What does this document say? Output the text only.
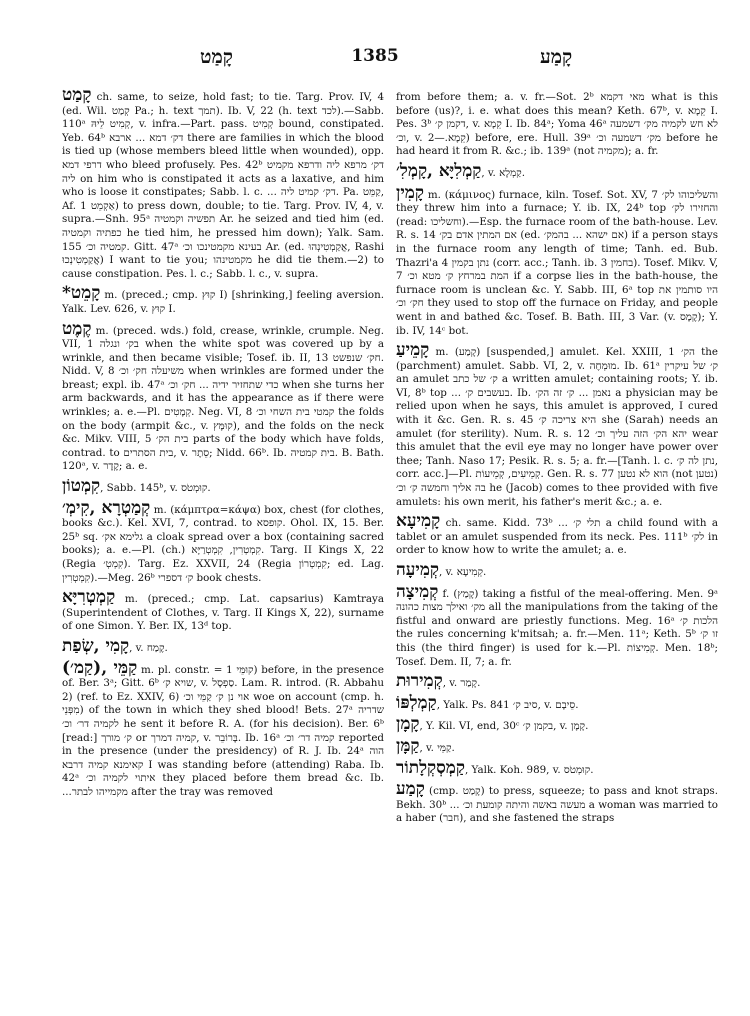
קָמַט	1385	קָמַע

קָמַט ch. same, to seize, hold fast; to tie. Targ. Prov. IV, 4 (ed. Wil. קְמַט Pa.; h. text תמך). Ib. V, 22 (h. text לכד).—Sabb. 110ᵃ קְמִיט לֵיהּ, v. infra.—Part. pass. קְמִיט bound, constipated. Yeb. 64ᵇ דק׳ דמא ... ארבא there are families in which the blood is tied up (whose members bleed little when wounded), opp. דרפי דמא who bleed profusely. Pes. 42ᵇ דק׳ מרפא ליה ודרפא מקמיט ליה on him who is constipated it acts as a laxative, and him who is loose it constipates; Sabb. l. c. ... דק׳ קמיט ליה. Pa. קַמֵּט, Af. אַקְמֵט 1) to press down, double; to tie. Targ. Prov. IV, 4, v. supra.—Snh. 95ᵃ תפשיה וקמטיה Ar. he seized and tied him (ed. כפתיה וקמטיה he tied him, he pressed him down); Yalk. Sam. 155 קמטיה וכ׳. Gitt. 47ᵃ בעינא מקמטינכו וכ׳ Ar. (ed. אֲקַמְטִינְהוּ, Rashi אֲקַמְטִינְכוּ) I want to tie you; מקמטינהו he did tie them.—2) to cause constipation. Pes. l. c.; Sabb. l. c., v. supra.

*קָמֵט m. (preced.; cmp. קוּץ I) [shrinking,] feeling aversion. Yalk. Lev. 626, v. קוּץ I.

קֶמֶט m. (preced. wds.) fold, crease, wrinkle, crumple. Neg. VII, 1 בק׳ ונגלה when the white spot was covered up by a wrinkle, and then became visible; Tosef. ib. II, 13 חק׳ שנפשט. Nidd. V, 8 משיעלה חק׳ וכ׳ when wrinkles are formed under the breast; expl. ib. 47ᵃ כדי שתחזיר ידיה ... חק׳ וכ׳ when she turns her arm backwards, and it has the appearance as if there were wrinkles; a. e.—Pl. קְמָטִים. Neg. VI, 8 קמטי בית השחי וכ׳ the folds on the body (armpit &c., v. קוּמָּץ), and the folds on the neck &c. Mikv. VIII, 5 בית הק׳ parts of the body which have folds, contrad. to בית הסתרים, v. סֵתֶר; Nidd. 66ᵇ. Ib. בית קמטיה. B. Bath. 120ᵃ, v. קֶדֶר; a. e.

קִמְטוֹן, Sabb. 145ᵇ, v. קוּמְטֹס.

קְמַטְרָא ,קִימְ׳ m. (κάμπτρα=κάψα) box, chest (for clothes, books &c.). Kel. XVI, 7, contrad. to קופסא. Ohol. IX, 15. Ber. 25ᵇ sq. גלימא אק׳ a cloak spread over a box (containing sacred books); a. e.—Pl. (ch.) קִמְטְרִין, קִמְטְרַיָּא. Targ. II Kings X, 22 (Regia קִמְטְ׳). Targ. Ez. XXVII, 24 (Regia קִמְטְרוֹן; ed. Lag. קִמְטְרִין).—Meg. 26ᵇ ק׳ דספרי book chests.

קַמְטְרִיָּא m. (preced.; cmp. Lat. capsarius) Kamtraya (Superintendent of Clothes, v. Targ. II Kings X, 22), surname of one Simon. Y. Ber. IX, 13ᵈ top.

קָמִי ,שְׂפַת, v. קֶמַח.

קַמֵּי ,(קַמ׳) m. pl. constr. = קוּמֵּי 1) before, in the presence of. Ber. 3ᵃ; Gitt. 6ᵇ שויא ק׳, v. סַפְסָל. Lam. R. introd. (R. Abbahu 2) (ref. to Ez. XXIV, 6) אוי נן ק׳ קַמֵּי וכ׳ woe on account (cmp. h. מִפְּנֵי) of the town in which they shed blood! Bets. 27ᵃ שדריה לקמיה דר׳ וכ׳ he sent it before R. A. (for his decision). Ber. 6ᵇ [read:] ק׳ מורך or קמיה דמרך, v. בָּרוֹבֵר. Ib. 16ᵃ קמיה דר׳ וכ׳ reported in the presence (under the presidency) of R. J. Ib. 24ᵃ הוה קאימנא קמיה דרבא I was standing before (attending) Raba. Ib. 42ᵃ איתוי לקמיה וכ׳ they placed before them bread &c. Ib. ...מקמייהו לבתר after the tray was removed

from before them; a. v. fr.—Sot. 2ᵇ מאי דקמא what is this before (us)?, i. e. what does this mean? Keth. 67ᵇ, v. קֵמָא I. Pes. 3ᵇ דקמן ק׳, v. קֵמָא I. Ib. 84ᵃ; Yoma 46ᵃ לא חש לקמיה מק׳ דשמעה וכ׳, v. קֵמָא.—2) before, ere. Hull. 39ᵃ מק׳ דשמעה וכ׳ before he had heard it from R. &c.; ib. 139ᵃ (not מקמיה); a. fr.

קַמְלִיָּא ,קָמְלִ׳, v. קַמְלָא.

קָמִין m. (κάμινος) furnace, kiln. Tosef. Sot. XV, 7 והשליכוהו לק׳ they threw him into a furnace; Y. ib. IX, 24ᵇ top והחזירו לק׳ (read: וחשליכו).—Esp. the furnace room of the bath-house. Lev. R. s. 14 אם המתין אדם בק׳ (ed. אם ישהא ... בהמק׳) if a person stays in the furnace room any length of time; Tanh. ed. Bub. Thazri'a 4 נתן בקמין (corr. acc.; Tanh. ib. 3 בחמין). Tosef. Mikv. V, 7 המת במרחץ ק׳ מטא וכ׳ if a corpse lies in the bath-house, the furnace room is unclean &c. Y. Sabb. III, 6ᵃ top היו סותמין את חק׳ וכ׳ they used to stop off the furnace on Friday, and people went in and bathed &c. Tosef. B. Bath. III, 3 Var. (v. קֶמֶס); Y. ib. IV, 14ᶜ bot.

קָמֵיעַ m. (קָמַע) [suspended,] amulet. Kel. XXIII, 1 הק׳ the (parchment) amulet. Sabb. VI, 2, v. מוּמְחֶה. Ib. 61ᵃ ק׳ של עיקרין an amulet ק׳ של כתב a written amulet; containing roots; Y. ib. VI, 8ᵇ top ... בעשבים ק׳. Ib. נאמן ... ק׳ זה הק׳ a physician may be relied upon when he says, this amulet is approved, I cured with it &c. Gen. R. s. 45 היא צריכה ק׳ she (Sarah) needs an amulet (for sterility). Num. R. s. 12 יהא הק׳ הזה עליך וכ׳ wear this amulet that the evil eye may no longer have power over thee; Tanh. Naso 17; Pesik. R. s. 5; a. fr.—[Tanh. l. c. נתן לה ק׳, corr. acc.]—Pl. קְמֵיעִים, קְמֵיעוֹת. Gen. R. s. 77 הוא לא נטען (not נטען) בה אליך וחמשה ק׳ וכ׳ he (Jacob) comes to thee provided with five amulets: his own merit, his father's merit &c.; a. e.

קָמִיעָא ch. same. Kidd. 73ᵇ ... תלי ק׳ a child found with a tablet or an amulet suspended from its neck. Pes. 111ᵇ לק׳ in order to know how to write the amulet; a. e.

קְמִיעָה, v. קְמִיעָא.

קְמִיצָה f. (קָמַץ) taking a fistful of the meal-offering. Men. 9ᵃ מק׳ ואילך מצות כהונה all the manipulations from the taking of the fistful and onward are priestly functions. Meg. 16ᵃ הלכות ק׳ the rules concerning k'mitsah; a. fr.—Men. 11ᵃ; Keth. 5ᵇ זו ק׳ this (the third finger) is used for k.—Pl. קְמִיצוֹת. Men. 18ᵇ; Tosef. Dem. II, 7; a. fr.

קְמִירוּת, v. קָמַר.

קַמְלְפּוֹ, Yalk. Ps. 841 סיב ק׳, v. סֵיבָם.

קָמָן, Y. Kil. VI, end, 30ᶜ בקמן ק׳, v. קָמָן.

קַמָּן, v. קַמֵּי.

קַמְסְקְלָתוֹר, Yalk. Koh. 989, v. קוּמְטֹס.

קָמַע (cmp. קָמַט) to press, squeeze; to pass and knot straps. Bekh. 30ᵇ ... מעשה באשה והיתה קומעת וכ׳ a woman was married to a haber (חבר), and she fastened the straps
